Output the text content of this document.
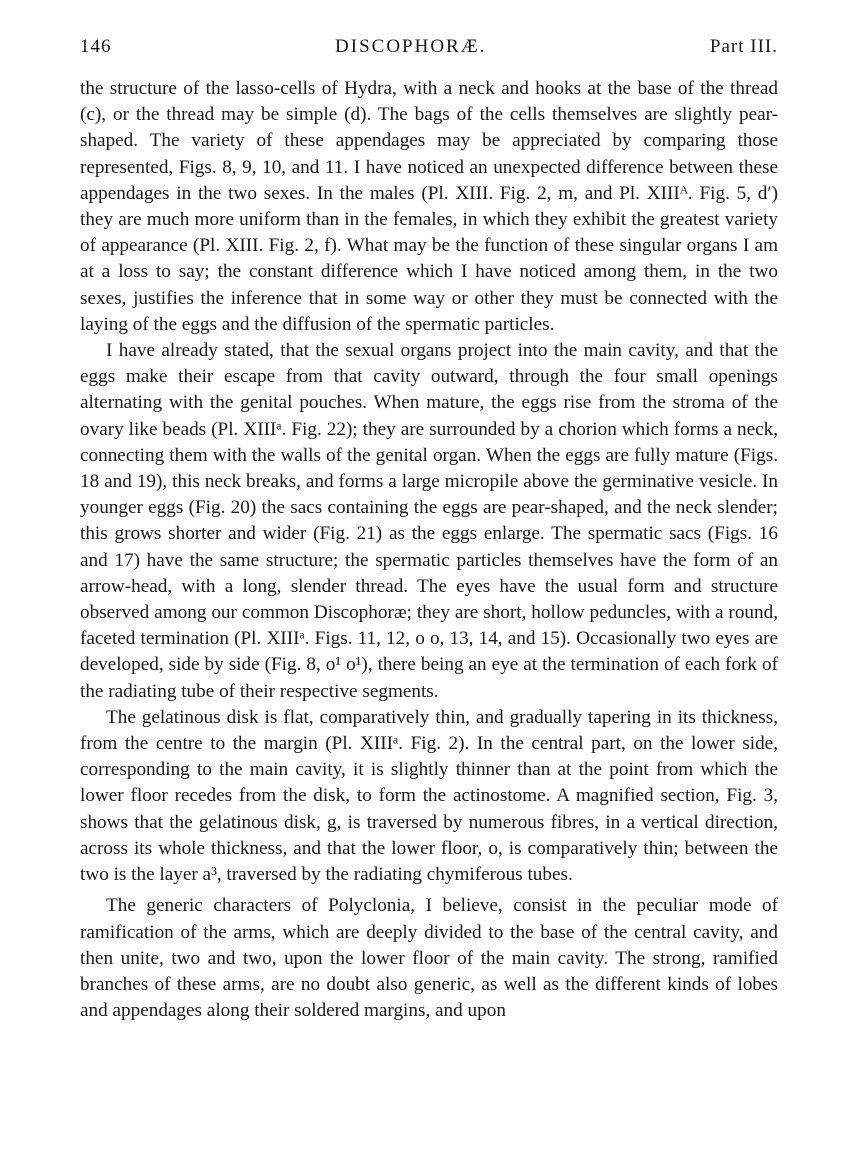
146	DISCOPHORÆ.	Part III.

the structure of the lasso-cells of Hydra, with a neck and hooks at the base of the thread (c), or the thread may be simple (d). The bags of the cells themselves are slightly pear-shaped. The variety of these appendages may be appreciated by comparing those represented, Figs. 8, 9, 10, and 11. I have noticed an unexpected difference between these appendages in the two sexes. In the males (Pl. XIII. Fig. 2, m, and Pl. XIIIᴬ. Fig. 5, d′) they are much more uniform than in the females, in which they exhibit the greatest variety of appearance (Pl. XIII. Fig. 2, f). What may be the function of these singular organs I am at a loss to say; the constant difference which I have noticed among them, in the two sexes, justifies the inference that in some way or other they must be connected with the laying of the eggs and the diffusion of the spermatic particles.

I have already stated, that the sexual organs project into the main cavity, and that the eggs make their escape from that cavity outward, through the four small openings alternating with the genital pouches. When mature, the eggs rise from the stroma of the ovary like beads (Pl. XIIIᵃ. Fig. 22); they are surrounded by a chorion which forms a neck, connecting them with the walls of the genital organ. When the eggs are fully mature (Figs. 18 and 19), this neck breaks, and forms a large micropile above the germinative vesicle. In younger eggs (Fig. 20) the sacs containing the eggs are pear-shaped, and the neck slender; this grows shorter and wider (Fig. 21) as the eggs enlarge. The spermatic sacs (Figs. 16 and 17) have the same structure; the spermatic particles themselves have the form of an arrow-head, with a long, slender thread. The eyes have the usual form and structure observed among our common Discophoræ; they are short, hollow peduncles, with a round, faceted termination (Pl. XIIIᵃ. Figs. 11, 12, o o, 13, 14, and 15). Occasionally two eyes are developed, side by side (Fig. 8, o¹ o¹), there being an eye at the termination of each fork of the radiating tube of their respective segments.

The gelatinous disk is flat, comparatively thin, and gradually tapering in its thickness, from the centre to the margin (Pl. XIIIᵃ. Fig. 2). In the central part, on the lower side, corresponding to the main cavity, it is slightly thinner than at the point from which the lower floor recedes from the disk, to form the actinostome. A magnified section, Fig. 3, shows that the gelatinous disk, g, is traversed by numerous fibres, in a vertical direction, across its whole thickness, and that the lower floor, o, is comparatively thin; between the two is the layer a³, traversed by the radiating chymiferous tubes.

The generic characters of Polyclonia, I believe, consist in the peculiar mode of ramification of the arms, which are deeply divided to the base of the central cavity, and then unite, two and two, upon the lower floor of the main cavity. The strong, ramified branches of these arms, are no doubt also generic, as well as the different kinds of lobes and appendages along their soldered margins, and upon
